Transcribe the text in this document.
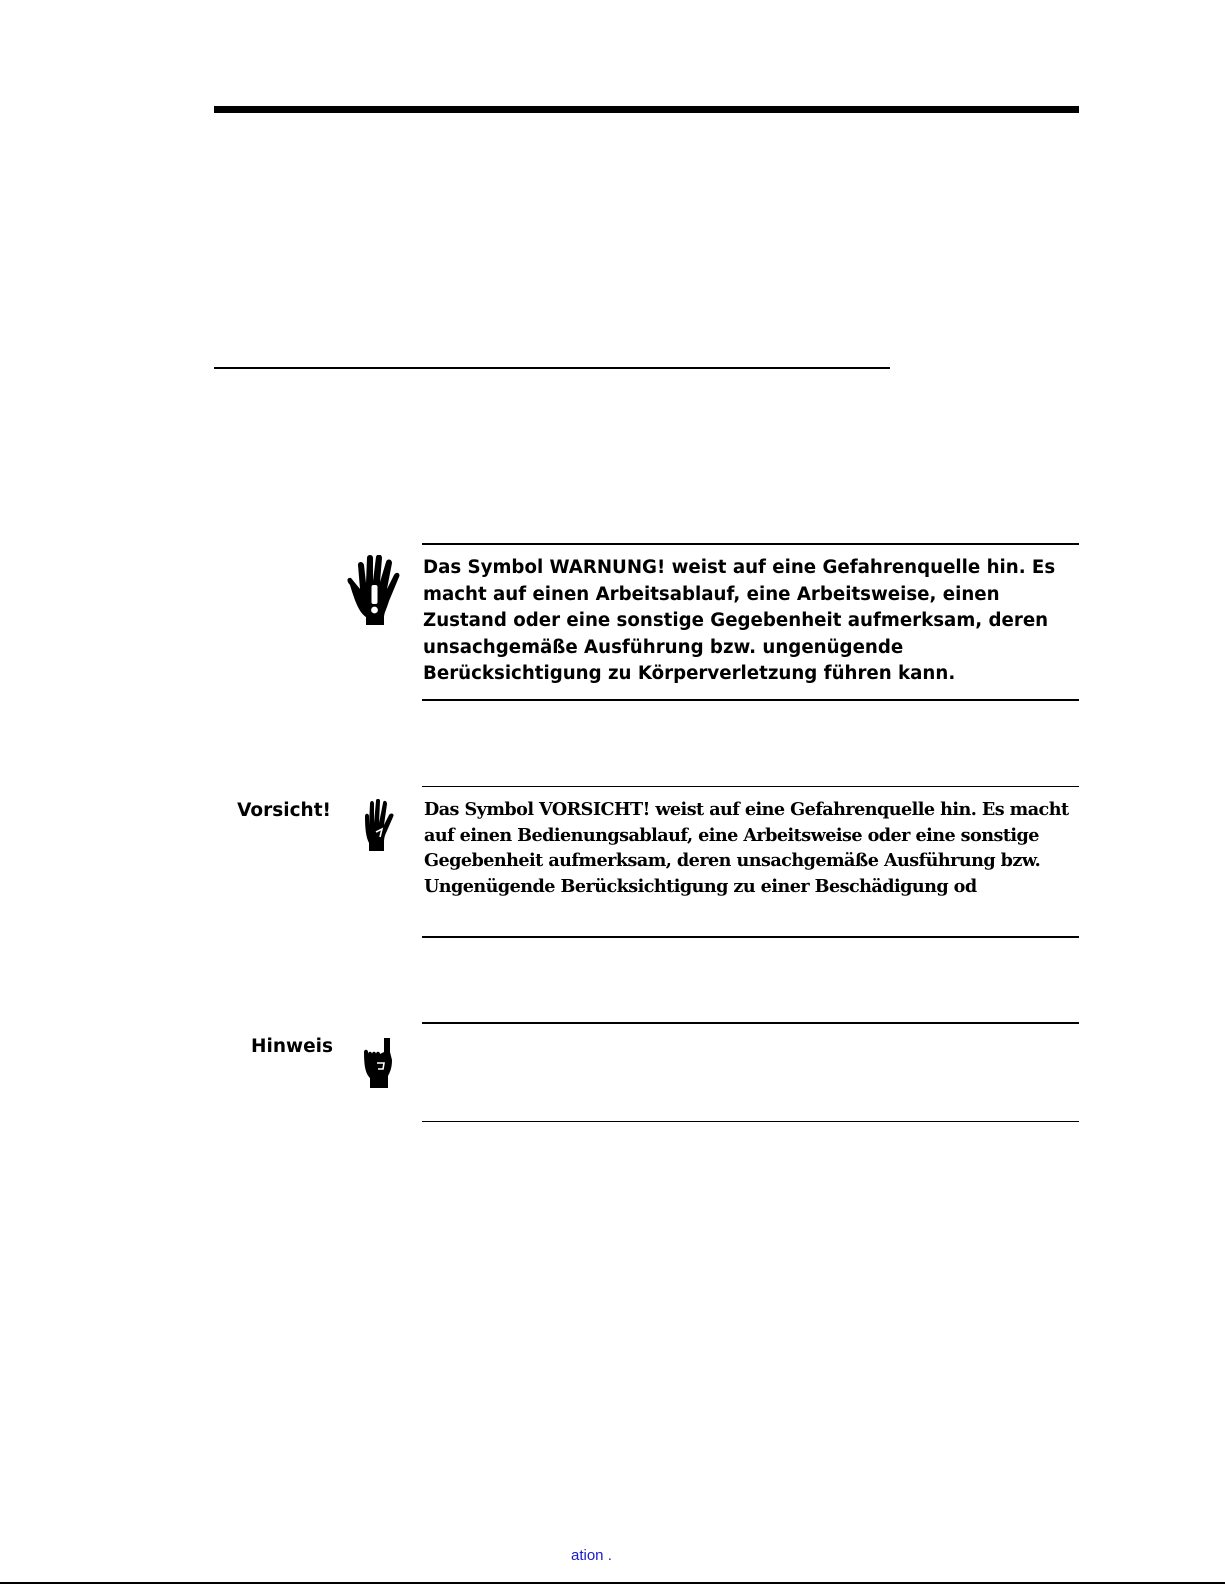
Das Symbol WARNUNG! weist auf eine Gefahrenquelle hin. Es macht auf einen Arbeitsablauf, eine Arbeitsweise, einen Zustand oder eine sonstige Gegebenheit aufmerksam, deren unsachgemäße Ausführung bzw. ungenügende Berücksichtigung zu Körperverletzung führen kann.
Vorsicht!	Das Symbol VORSICHT! weist auf eine Gefahrenquelle hin. Es macht auf einen Bedienungsablauf, eine Arbeitsweise oder eine sonstige Gegebenheit aufmerksam, deren unsachgemäße Ausführung bzw. Ungenügende Berücksichtigung zu einer Beschädigung od
Hinweis
ation .
